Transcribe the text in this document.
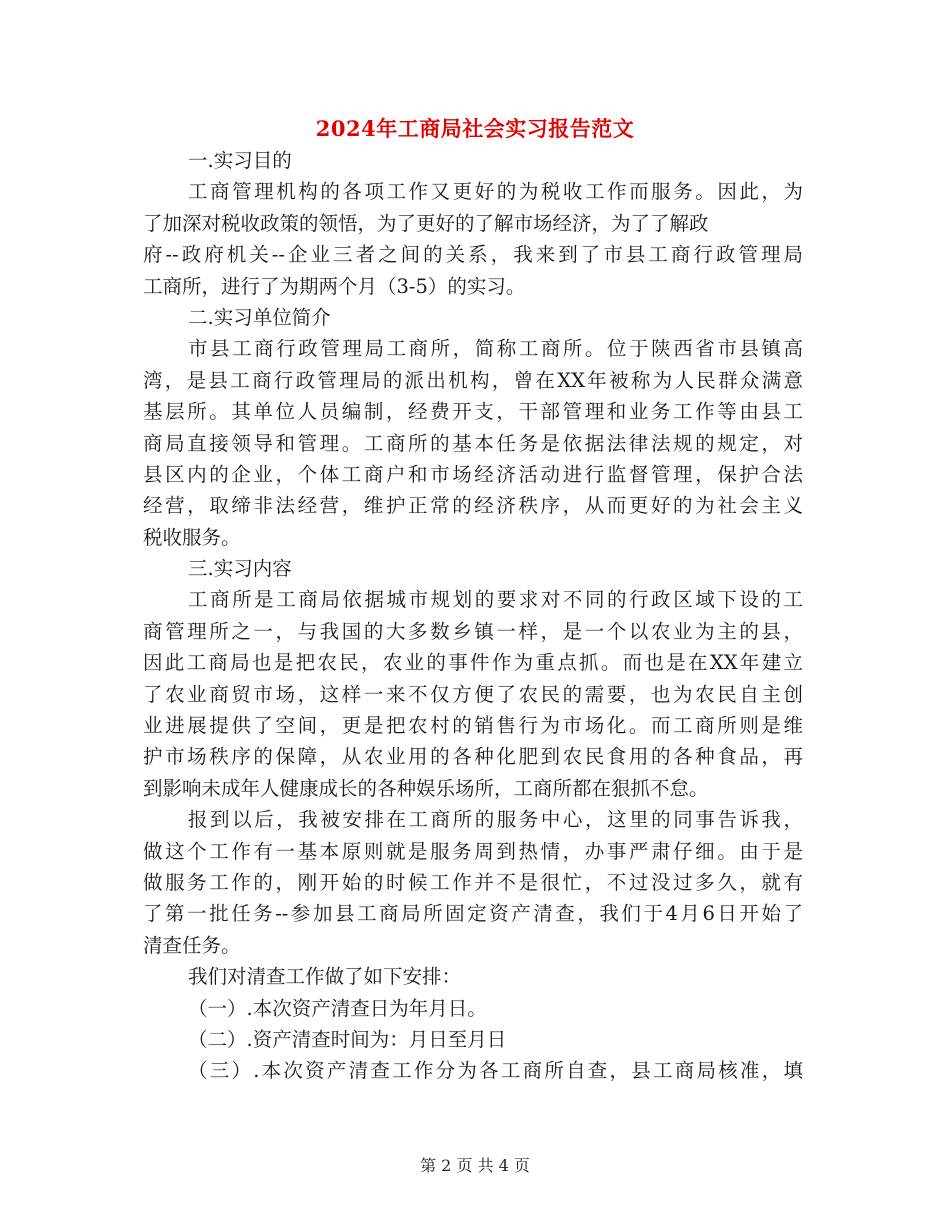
2024年工商局社会实习报告范文
一.实习目的
工商管理机构的各项工作又更好的为税收工作而服务。因此，为
了加深对税收政策的领悟，为了更好的了解市场经济，为了了解政
府--政府机关--企业三者之间的关系，我来到了市县工商行政管理局
工商所，进行了为期两个月（3-5）的实习。
二.实习单位简介
市县工商行政管理局工商所，简称工商所。位于陕西省市县镇高
湾，是县工商行政管理局的派出机构，曾在XX年被称为人民群众满意
基层所。其单位人员编制，经费开支，干部管理和业务工作等由县工
商局直接领导和管理。工商所的基本任务是依据法律法规的规定，对
县区内的企业，个体工商户和市场经济活动进行监督管理，保护合法
经营，取缔非法经营，维护正常的经济秩序，从而更好的为社会主义
税收服务。
三.实习内容
工商所是工商局依据城市规划的要求对不同的行政区域下设的工
商管理所之一，与我国的大多数乡镇一样，是一个以农业为主的县，
因此工商局也是把农民，农业的事件作为重点抓。而也是在XX年建立
了农业商贸市场，这样一来不仅方便了农民的需要，也为农民自主创
业进展提供了空间，更是把农村的销售行为市场化。而工商所则是维
护市场秩序的保障，从农业用的各种化肥到农民食用的各种食品，再
到影响未成年人健康成长的各种娱乐场所，工商所都在狠抓不怠。
报到以后，我被安排在工商所的服务中心，这里的同事告诉我，
做这个工作有一基本原则就是服务周到热情，办事严肃仔细。由于是
做服务工作的，刚开始的时候工作并不是很忙，不过没过多久，就有
了第一批任务--参加县工商局所固定资产清查，我们于4月6日开始了
清查任务。
我们对清查工作做了如下安排：
（一）.本次资产清查日为年月日。
（二）.资产清查时间为：月日至月日
（三）.本次资产清查工作分为各工商所自查，县工商局核准，填
第 2 页 共 4 页
